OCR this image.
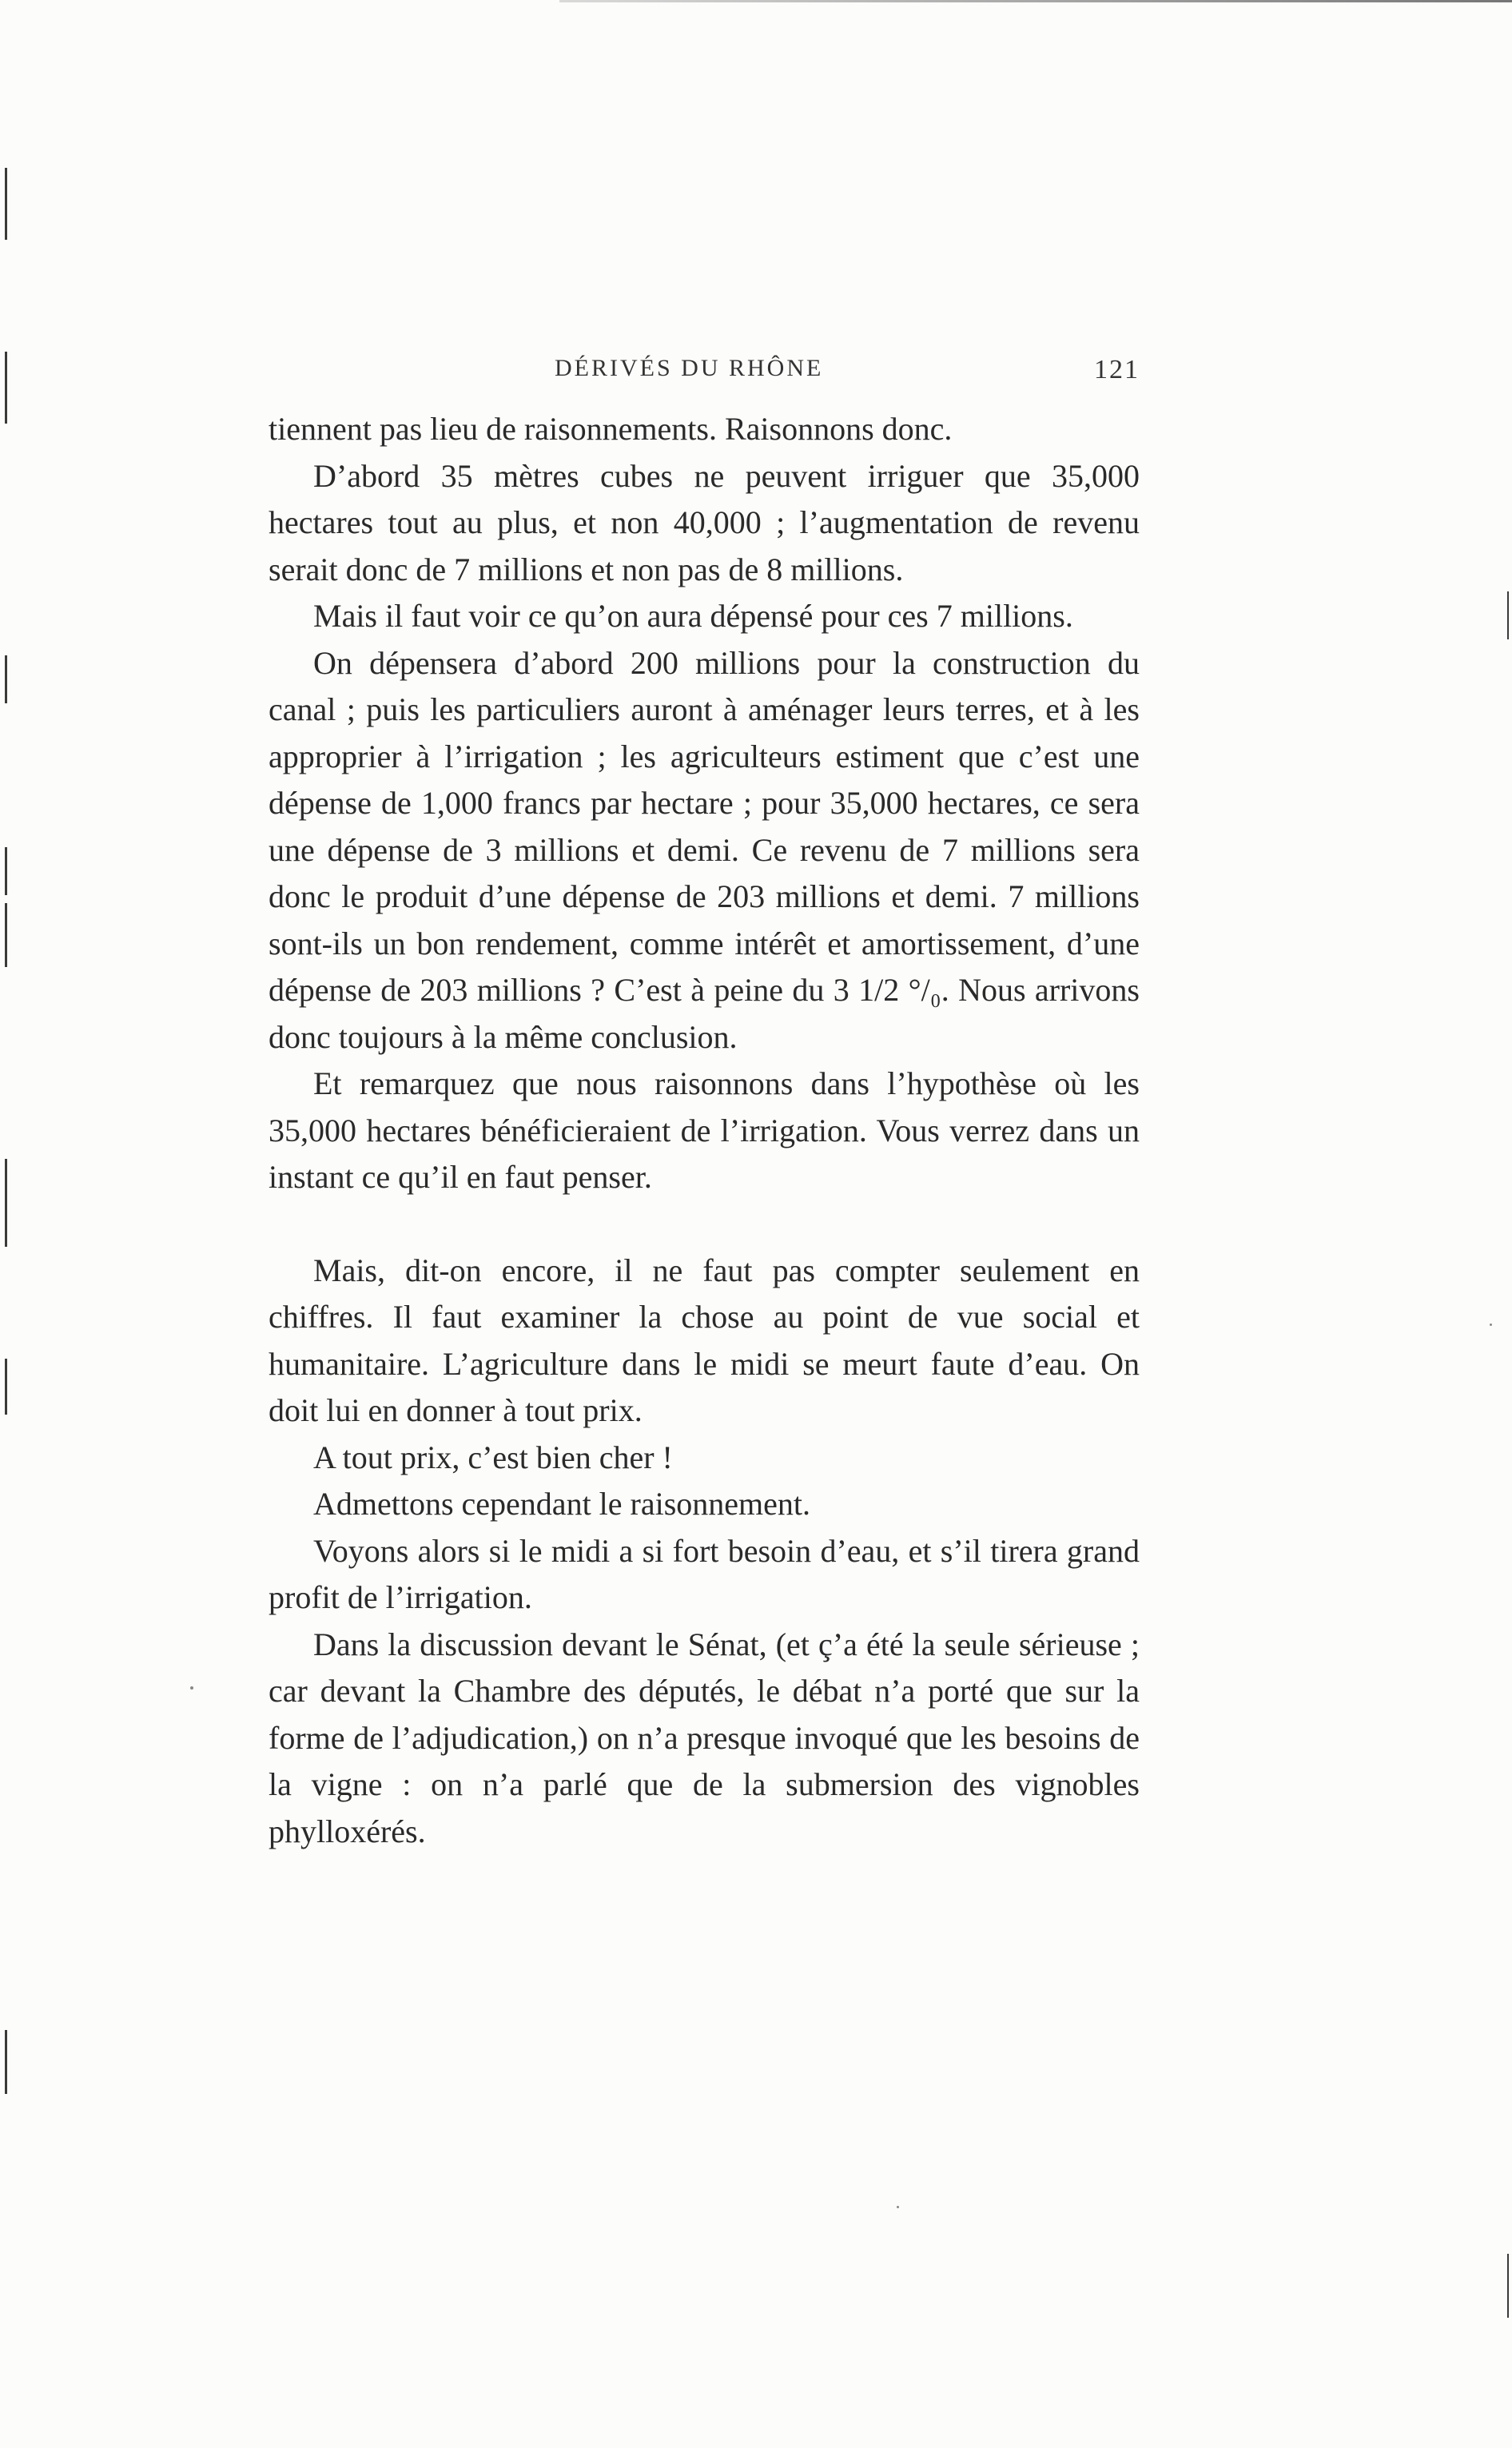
DÉRIVÉS DU RHÔNE	121

tiennent pas lieu de raisonnements. Raisonnons donc.

D’abord 35 mètres cubes ne peuvent irriguer que 35,000 hectares tout au plus, et non 40,000 ; l’augmentation de revenu serait donc de 7 millions et non pas de 8 millions.

Mais il faut voir ce qu’on aura dépensé pour ces 7 millions.

On dépensera d’abord 200 millions pour la construction du canal ; puis les particuliers auront à aménager leurs terres, et à les approprier à l’irrigation ; les agriculteurs estiment que c’est une dépense de 1,000 francs par hectare ; pour 35,000 hectares, ce sera une dépense de 3 millions et demi. Ce revenu de 7 millions sera donc le produit d’une dépense de 203 millions et demi. 7 millions sont-ils un bon rendement, comme intérêt et amortissement, d’une dépense de 203 millions ? C’est à peine du 3 1/2 °/₀. Nous arrivons donc toujours à la même conclusion.

Et remarquez que nous raisonnons dans l’hypothèse où les 35,000 hectares bénéficieraient de l’irrigation. Vous verrez dans un instant ce qu’il en faut penser.

Mais, dit-on encore, il ne faut pas compter seulement en chiffres. Il faut examiner la chose au point de vue social et humanitaire. L’agriculture dans le midi se meurt faute d’eau. On doit lui en donner à tout prix.

A tout prix, c’est bien cher !

Admettons cependant le raisonnement.

Voyons alors si le midi a si fort besoin d’eau, et s’il tirera grand profit de l’irrigation.

Dans la discussion devant le Sénat, (et ç’a été la seule sérieuse ; car devant la Chambre des députés, le débat n’a porté que sur la forme de l’adjudication,) on n’a presque invoqué que les besoins de la vigne : on n’a parlé que de la submersion des vignobles phylloxérés.
